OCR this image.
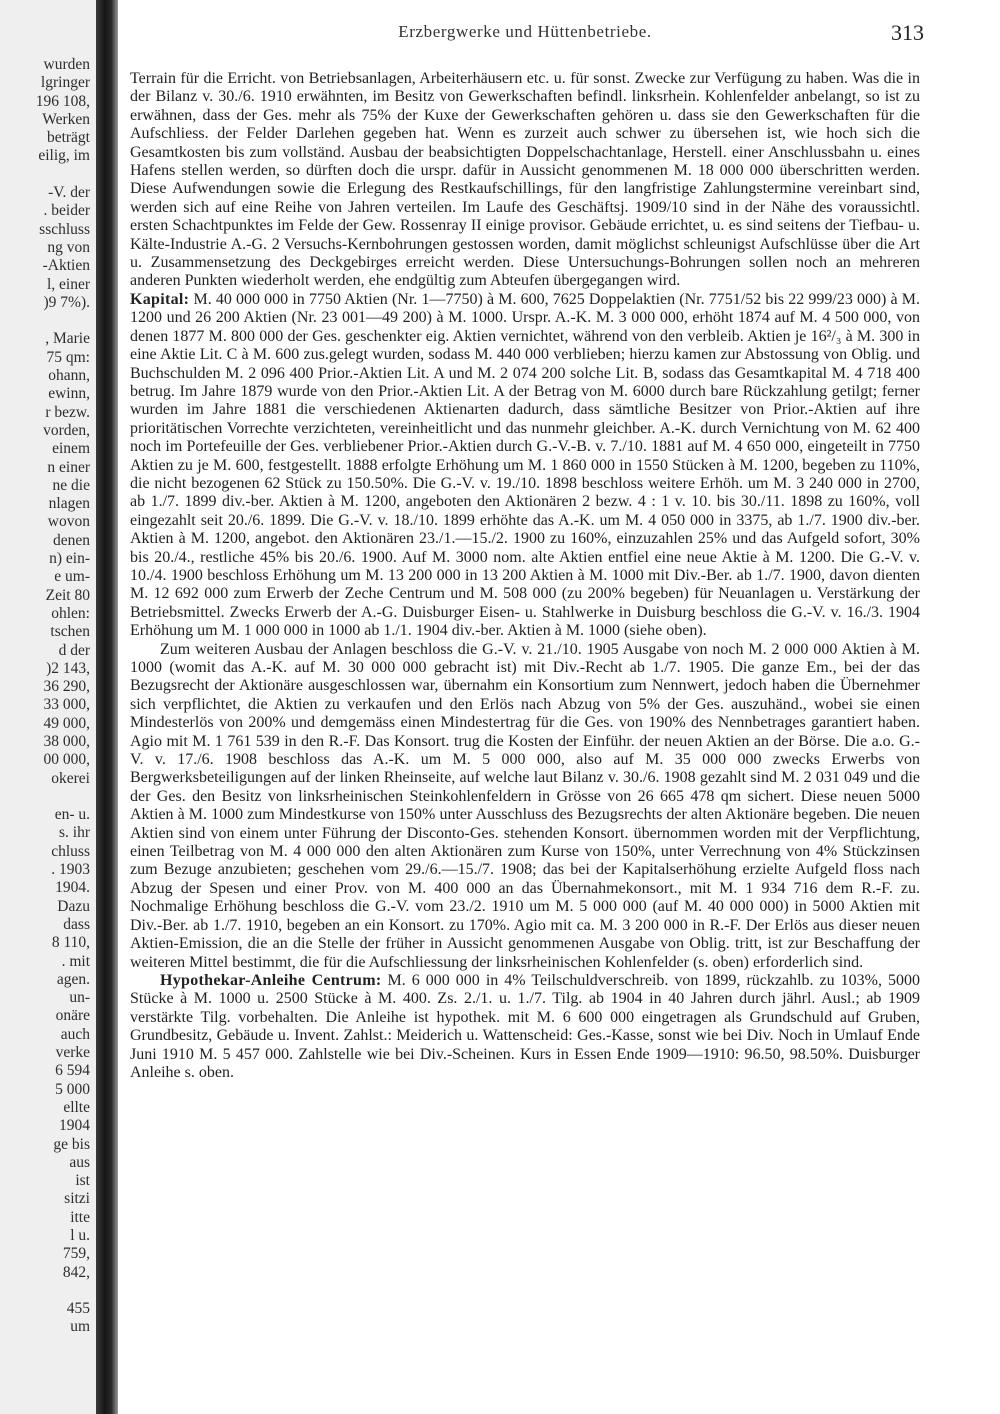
wurden
lgringer
196 108,
Werken
beträgt
eilig, im
-V. der
. beider
sschluss
ng von
-Aktien
l, einer
)9 7%).
, Marie
75 qm:
ohann,
ewinn,
r bezw.
vorden,
einem
n einer
ne die
nlagen
wovon
denen
n) ein-
e um-
Zeit 80
ohlen:
tschen
d der
)2 143,
36 290,
33 000,
49 000,
38 000,
00 000,
okerei
en- u.
s. ihr
chluss
. 1903
1904.
Dazu
dass
8 110,
. mit
agen.
un-
onäre
auch
verke
6 594
5 000
ellte
1904
ge bis
aus
ist
sitzi
itte
l u.
759,
842,
455
um
Erzbergwerke und Hüttenbetriebe.	313

Terrain für die Erricht. von Betriebsanlagen, Arbeiterhäusern etc. u. für sonst. Zwecke zur Verfügung zu haben. Was die in der Bilanz v. 30./6. 1910 erwähnten, im Besitz von Gewerkschaften befindl. linksrhein. Kohlenfelder anbelangt, so ist zu erwähnen, dass der Ges. mehr als 75% der Kuxe der Gewerkschaften gehören u. dass sie den Gewerkschaften für die Aufschliess. der Felder Darlehen gegeben hat. Wenn es zurzeit auch schwer zu übersehen ist, wie hoch sich die Gesamtkosten bis zum vollständ. Ausbau der beabsichtigten Doppelschachtanlage, Herstell. einer Anschlussbahn u. eines Hafens stellen werden, so dürften doch die urspr. dafür in Aussicht genommenen M. 18 000 000 überschritten werden. Diese Aufwendungen sowie die Erlegung des Restkaufschillings, für den langfristige Zahlungstermine vereinbart sind, werden sich auf eine Reihe von Jahren verteilen. Im Laufe des Geschäftsj. 1909/10 sind in der Nähe des voraussichtl. ersten Schachtpunktes im Felde der Gew. Rossenray II einige provisor. Gebäude errichtet, u. es sind seitens der Tiefbau- u. Kälte-Industrie A.-G. 2 Versuchs-Kernbohrungen gestossen worden, damit möglichst schleunigst Aufschlüsse über die Art u. Zusammensetzung des Deckgebirges erreicht werden. Diese Untersuchungs-Bohrungen sollen noch an mehreren anderen Punkten wiederholt werden, ehe endgültig zum Abteufen übergegangen wird.

Kapital: M. 40 000 000 in 7750 Aktien (Nr. 1—7750) à M. 600, 7625 Doppelaktien (Nr. 7751/52 bis 22 999/23 000) à M. 1200 und 26 200 Aktien (Nr. 23 001—49 200) à M. 1000. Urspr. A.-K. M. 3 000 000, erhöht 1874 auf M. 4 500 000, von denen 1877 M. 800 000 der Ges. geschenkter eig. Aktien vernichtet, während von den verbleib. Aktien je 16²/₃ à M. 300 in eine Aktie Lit. C à M. 600 zus.gelegt wurden, sodass M. 440 000 verblieben; hierzu kamen zur Abstossung von Oblig. und Buchschulden M. 2 096 400 Prior.-Aktien Lit. A und M. 2 074 200 solche Lit. B, sodass das Gesamtkapital M. 4 718 400 betrug. Im Jahre 1879 wurde von den Prior.-Aktien Lit. A der Betrag von M. 6000 durch bare Rückzahlung getilgt; ferner wurden im Jahre 1881 die verschiedenen Aktienarten dadurch, dass sämtliche Besitzer von Prior.-Aktien auf ihre prioritätischen Vorrechte verzichteten, vereinheitlicht und das nunmehr gleichber. A.-K. durch Vernichtung von M. 62 400 noch im Portefeuille der Ges. verbliebener Prior.-Aktien durch G.-V.-B. v. 7./10. 1881 auf M. 4 650 000, eingeteilt in 7750 Aktien zu je M. 600, festgestellt. 1888 erfolgte Erhöhung um M. 1 860 000 in 1550 Stücken à M. 1200, begeben zu 110%, die nicht bezogenen 62 Stück zu 150.50%. Die G.-V. v. 19./10. 1898 beschloss weitere Erhöh. um M. 3 240 000 in 2700, ab 1./7. 1899 div.-ber. Aktien à M. 1200, angeboten den Aktionären 2 bezw. 4 : 1 v. 10. bis 30./11. 1898 zu 160%, voll eingezahlt seit 20./6. 1899. Die G.-V. v. 18./10. 1899 erhöhte das A.-K. um M. 4 050 000 in 3375, ab 1./7. 1900 div.-ber. Aktien à M. 1200, angebot. den Aktionären 23./1.—15./2. 1900 zu 160%, einzuzahlen 25% und das Aufgeld sofort, 30% bis 20./4., restliche 45% bis 20./6. 1900. Auf M. 3000 nom. alte Aktien entfiel eine neue Aktie à M. 1200. Die G.-V. v. 10./4. 1900 beschloss Erhöhung um M. 13 200 000 in 13 200 Aktien à M. 1000 mit Div.-Ber. ab 1./7. 1900, davon dienten M. 12 692 000 zum Erwerb der Zeche Centrum und M. 508 000 (zu 200% begeben) für Neuanlagen u. Verstärkung der Betriebsmittel. Zwecks Erwerb der A.-G. Duisburger Eisen- u. Stahlwerke in Duisburg beschloss die G.-V. v. 16./3. 1904 Erhöhung um M. 1 000 000 in 1000 ab 1./1. 1904 div.-ber. Aktien à M. 1000 (siehe oben).

Zum weiteren Ausbau der Anlagen beschloss die G.-V. v. 21./10. 1905 Ausgabe von noch M. 2 000 000 Aktien à M. 1000 (womit das A.-K. auf M. 30 000 000 gebracht ist) mit Div.-Recht ab 1./7. 1905. Die ganze Em., bei der das Bezugsrecht der Aktionäre ausgeschlossen war, übernahm ein Konsortium zum Nennwert, jedoch haben die Übernehmer sich verpflichtet, die Aktien zu verkaufen und den Erlös nach Abzug von 5% der Ges. auszuhänd., wobei sie einen Mindesterlös von 200% und demgemäss einen Mindestertrag für die Ges. von 190% des Nennbetrages garantiert haben. Agio mit M. 1 761 539 in den R.-F. Das Konsort. trug die Kosten der Einführ. der neuen Aktien an der Börse. Die a.o. G.-V. v. 17./6. 1908 beschloss das A.-K. um M. 5 000 000, also auf M. 35 000 000 zwecks Erwerbs von Bergwerksbeteiligungen auf der linken Rheinseite, auf welche laut Bilanz v. 30./6. 1908 gezahlt sind M. 2 031 049 und die der Ges. den Besitz von linksrheinischen Steinkohlenfeldern in Grösse von 26 665 478 qm sichert. Diese neuen 5000 Aktien à M. 1000 zum Mindestkurse von 150% unter Ausschluss des Bezugsrechts der alten Aktionäre begeben. Die neuen Aktien sind von einem unter Führung der Disconto-Ges. stehenden Konsort. übernommen worden mit der Verpflichtung, einen Teilbetrag von M. 4 000 000 den alten Aktionären zum Kurse von 150%, unter Verrechnung von 4% Stückzinsen zum Bezuge anzubieten; geschehen vom 29./6.—15./7. 1908; das bei der Kapitalserhöhung erzielte Aufgeld floss nach Abzug der Spesen und einer Prov. von M. 400 000 an das Übernahmekonsort., mit M. 1 934 716 dem R.-F. zu. Nochmalige Erhöhung beschloss die G.-V. vom 23./2. 1910 um M. 5 000 000 (auf M. 40 000 000) in 5000 Aktien mit Div.-Ber. ab 1./7. 1910, begeben an ein Konsort. zu 170%. Agio mit ca. M. 3 200 000 in R.-F. Der Erlös aus dieser neuen Aktien-Emission, die an die Stelle der früher in Aussicht genommenen Ausgabe von Oblig. tritt, ist zur Beschaffung der weiteren Mittel bestimmt, die für die Aufschliessung der linksrheinischen Kohlenfelder (s. oben) erforderlich sind.

Hypothekar-Anleihe Centrum: M. 6 000 000 in 4% Teilschuldverschreib. von 1899, rückzahlb. zu 103%, 5000 Stücke à M. 1000 u. 2500 Stücke à M. 400. Zs. 2./1. u. 1./7. Tilg. ab 1904 in 40 Jahren durch jährl. Ausl.; ab 1909 verstärkte Tilg. vorbehalten. Die Anleihe ist hypothek. mit M. 6 600 000 eingetragen als Grundschuld auf Gruben, Grundbesitz, Gebäude u. Invent. Zahlst.: Meiderich u. Wattenscheid: Ges.-Kasse, sonst wie bei Div. Noch in Umlauf Ende Juni 1910 M. 5 457 000. Zahlstelle wie bei Div.-Scheinen. Kurs in Essen Ende 1909—1910: 96.50, 98.50%. Duisburger Anleihe s. oben.
